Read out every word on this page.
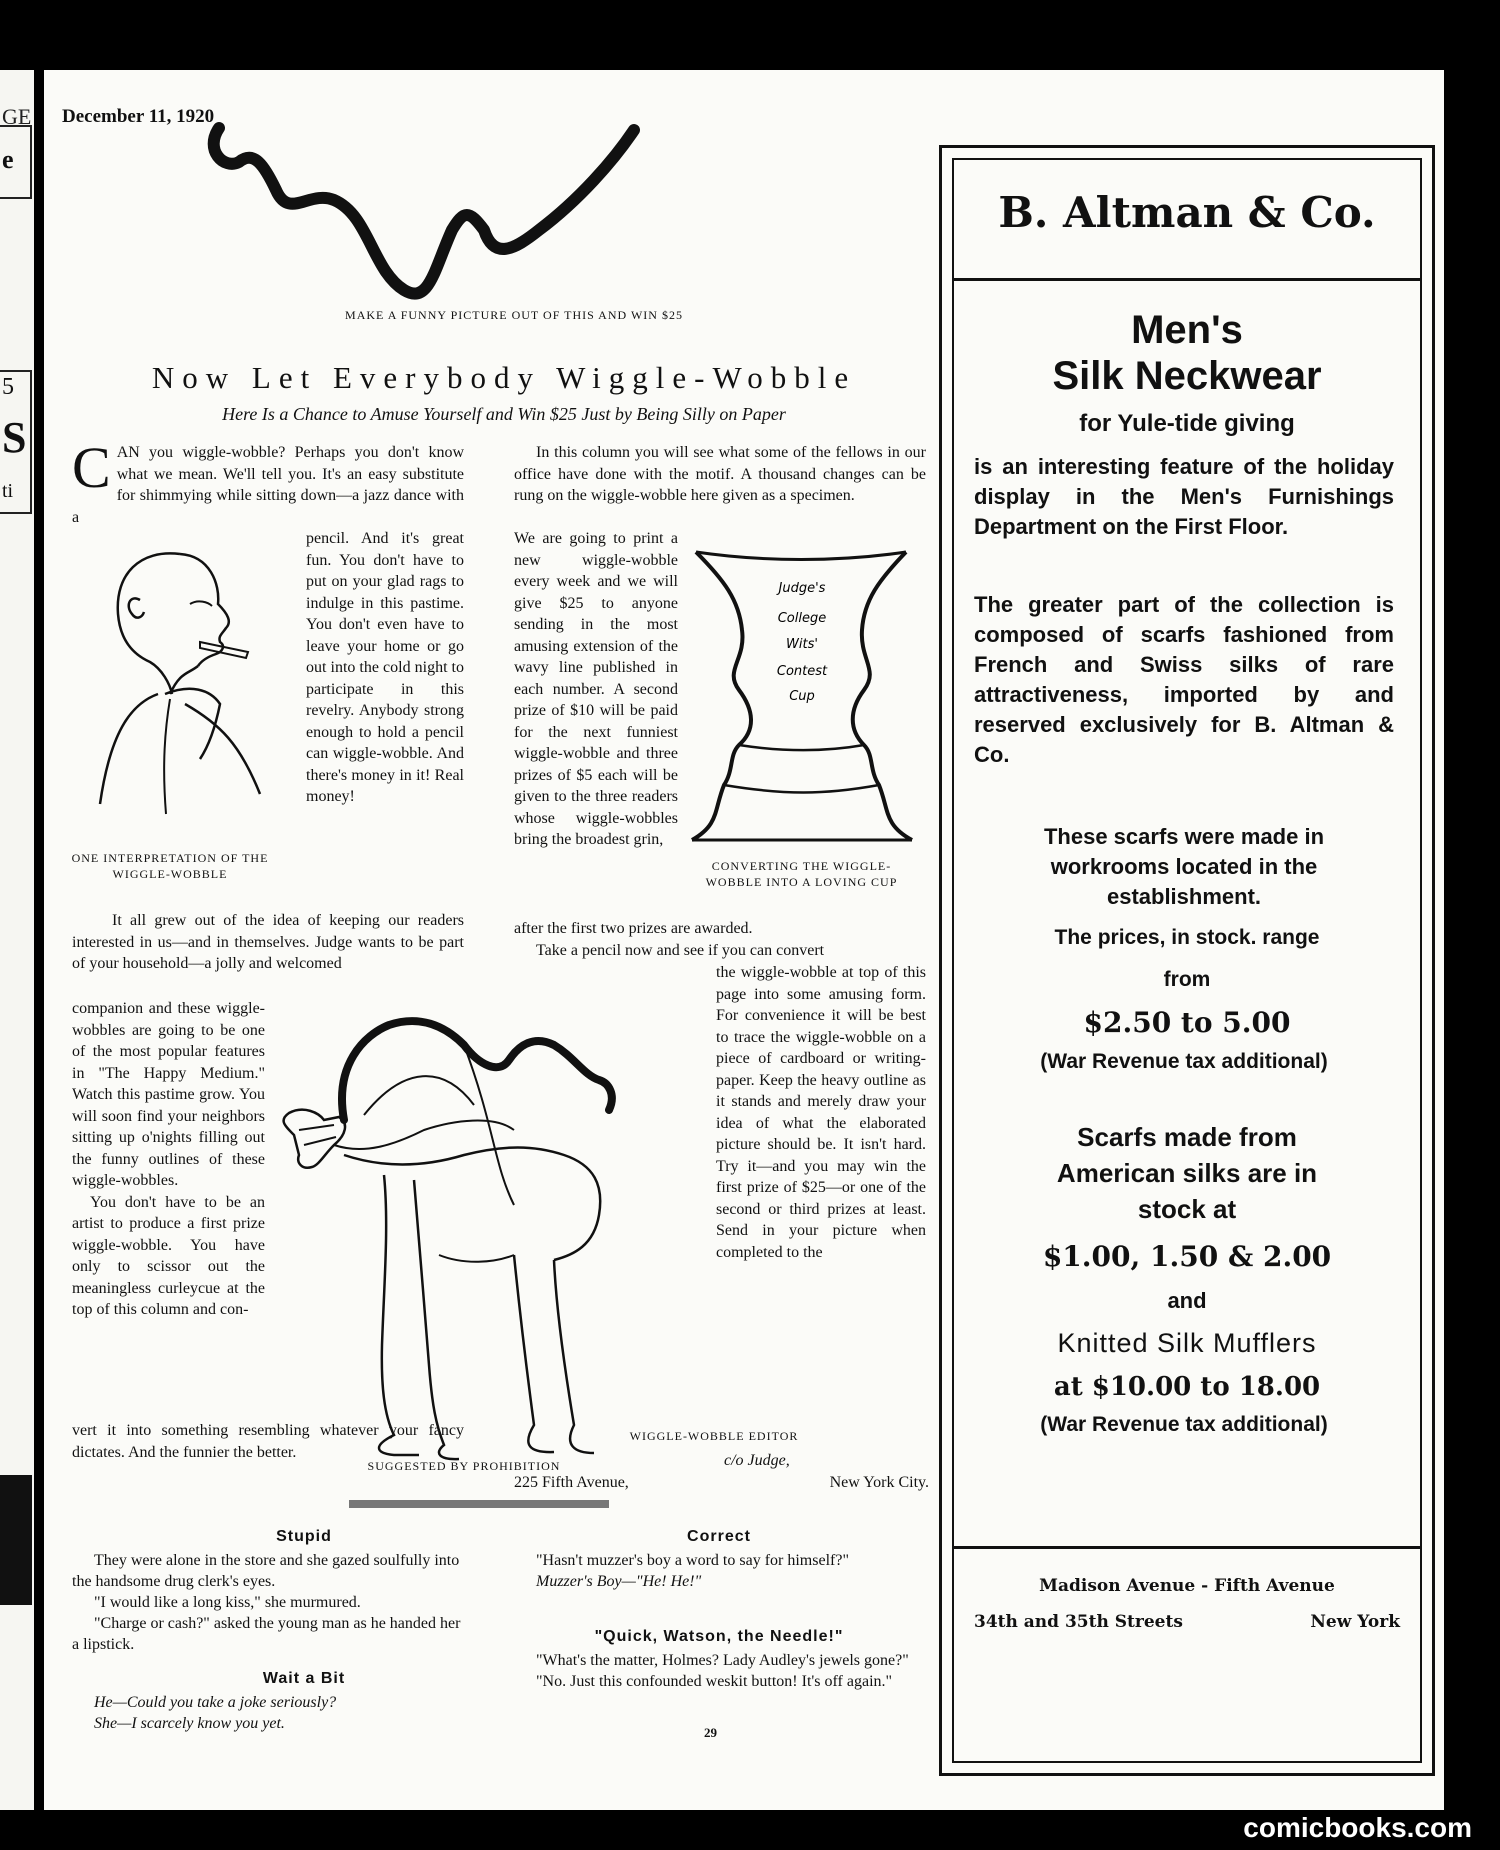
GE
e
S
5
ti
December 11, 1920
MAKE A FUNNY PICTURE OUT OF THIS AND WIN $25
Now Let Everybody Wiggle-Wobble
Here Is a Chance to Amuse Yourself and Win $25 Just by Being Silly on Paper
C AN you wiggle-wobble? Perhaps you don't know what we mean. We'll tell you. It's an easy substitute for shimmying while sitting down—a jazz dance with a

ONE INTERPRETATION OF THE WIGGLE-WOBBLE

pencil. And it's great fun. You don't have to put on your glad rags to indulge in this pastime. You don't even have to leave your home or go out into the cold night to participate in this revelry. Anybody strong enough to hold a pencil can wiggle-wobble. And there's money in it! Real money!

It all grew out of the idea of keeping our readers interested in us—and in themselves. Judge wants to be part of your household—a jolly and welcomed

companion and these wiggle-wobbles are going to be one of the most popular features in "The Happy Medium." Watch this pastime grow. You will soon find your neighbors sitting up o'nights filling out the funny outlines of these wiggle-wobbles.

You don't have to be an artist to produce a first prize wiggle-wobble. You have only to scissor out the meaningless curleycue at the top of this column and con-

vert it into something resembling whatever your fancy dictates. And the funnier the better.

In this column you will see what some of the fellows in our office have done with the motif. A thousand changes can be rung on the wiggle-wobble here given as a specimen.

We are going to print a new wiggle-wobble every week and we will give $25 to anyone sending in the most amusing extension of the wavy line published in each number. A second prize of $10 will be paid for the next funniest wiggle-wobble and three prizes of $5 each will be given to the three readers whose wiggle-wobbles bring the broadest grin,

Judge's
College
Wits'
Contest
Cup
CONVERTING THE WIGGLE-WOBBLE INTO A LOVING CUP

after the first two prizes are awarded.

Take a pencil now and see if you can convert

the wiggle-wobble at top of this page into some amusing form. For convenience it will be best to trace the wiggle-wobble on a piece of cardboard or writing-paper. Keep the heavy outline as it stands and merely draw your idea of what the elaborated picture should be. It isn't hard. Try it—and you may win the first prize of $25—or one of the second or third prizes at least. Send in your picture when completed to the

SUGGESTED BY PROHIBITION
WIGGLE-WOBBLE EDITOR
c/o Judge,
225 Fifth Avenue,	New York City.
Stupid

They were alone in the store and she gazed soulfully into the handsome drug clerk's eyes.

"I would like a long kiss," she murmured.

"Charge or cash?" asked the young man as he handed her a lipstick.

Wait a Bit

He—Could you take a joke seriously?

She—I scarcely know you yet.

Correct

"Hasn't muzzer's boy a word to say for himself?"

Muzzer's Boy—"He! He!"

"Quick, Watson, the Needle!"

"What's the matter, Holmes? Lady Audley's jewels gone?"

"No. Just this confounded weskit button! It's off again."

29
B. Altman & Co.
Men's
Silk Neckwear
for Yule-tide giving
is an interesting feature of the holiday display in the Men's Furnishings Department on the First Floor.
The greater part of the collection is composed of scarfs fashioned from French and Swiss silks of rare attractiveness, imported by and reserved exclusively for B. Altman & Co.
These scarfs were made in workrooms located in the establishment.
The prices, in stock. range
from
$2.50 to 5.00
(War Revenue tax additional)
Scarfs made from
American silks are in
stock at
$1.00, 1.50 & 2.00
and
Knitted Silk Mufflers
at $10.00 to 18.00
(War Revenue tax additional)
Madison Avenue - Fifth Avenue
34th and 35th Streets	New York
comicbooks.com
